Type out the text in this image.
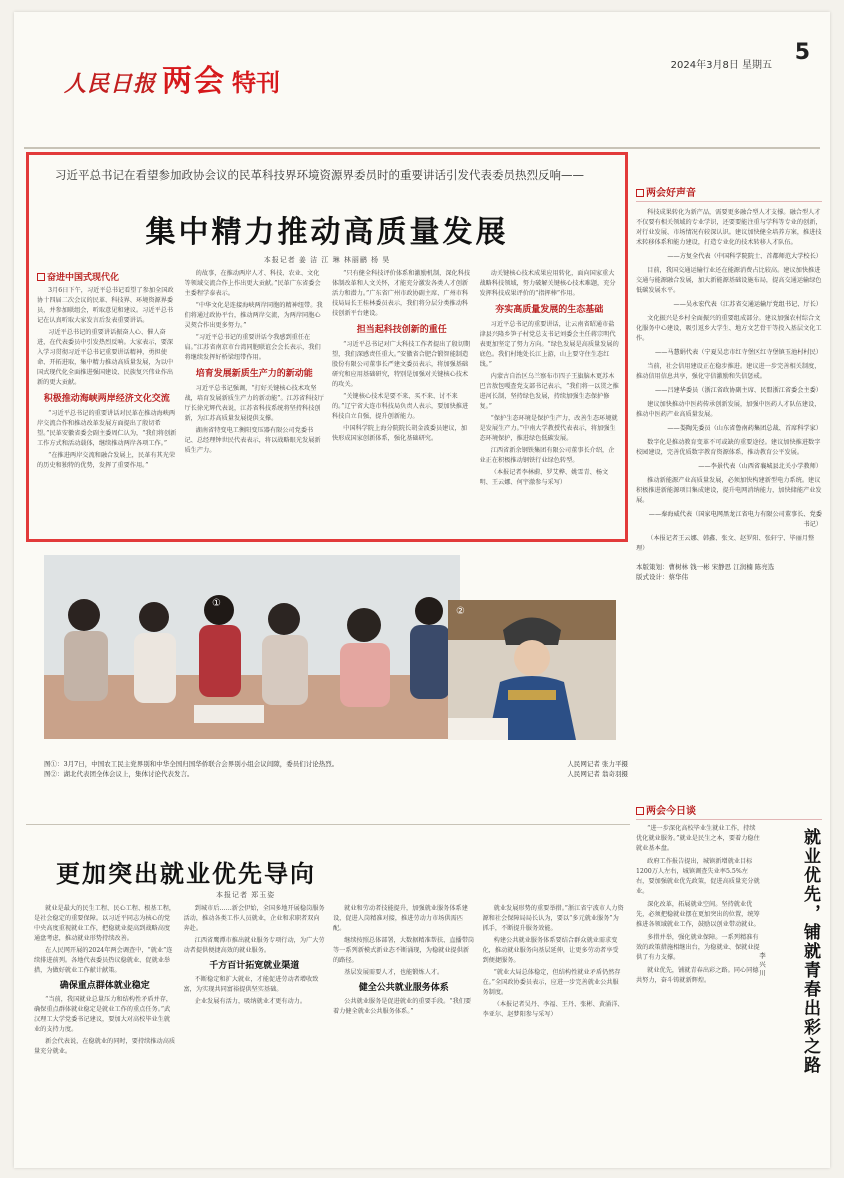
人民日报 两会 特刊
2024年3月8日 星期五
5
习近平总书记在看望参加政协会议的民革科技界环境资源界委员时的重要讲话引发代表委员热烈反响——
集中精力推动高质量发展
本报记者 姜 洁 江 琳 林丽鹂 杨 昊
奋进中国式现代化

3月6日下午，习近平总书记看望了参加全国政协十四届二次会议的民革、科技界、环境资源界委员，并参加联组会，听取意见和建议。习近平总书记在认真听取大家发言后发表重要讲话。

习近平总书记的重要讲话振奋人心、催人奋进，在代表委员中引发热烈反响。大家表示，要深入学习贯彻习近平总书记重要讲话精神，勇担使命、开拓进取，集中精力推动高质量发展，为以中国式现代化全面推进强国建设、民族复兴伟业作出新的更大贡献。

积极推动海峡两岸经济文化交流

“习近平总书记的重要讲话对民革在推动海峡两岸交流合作和推动改革发展方面提出了殷切希望。”民革安徽省委会副主委周仁认为，“我们将创新工作方式和活动载体，继续推动两岸各项工作。”

“在推进两岸交流和融合发展上，民革有其光荣的历史和独特的优势，发挥了重要作用。”

的故事，在推动两岸人才、科技、农业、文化等领域交流合作上作出更大贡献。”民革广东省委会主委程学泰表示。

“中华文化是连接海峡两岸同胞的精神纽带。我们将通过政协平台，推动两岸交流，为两岸同胞心灵契合作出更多努力。”

“习近平总书记的重要讲话令我感到重任在肩。”江苏省南京市台湾同胞联谊会会长表示，我们将继续发挥好桥梁纽带作用。

培育发展新质生产力的新动能

习近平总书记强调，“打好关键核心技术攻坚战，培育发展新质生产力的新动能”。江苏省科技厅厅长徐光辉代表说，江苏省科技系统将坚持科技创新，为江苏高质量发展提供支撑。

湖南省特变电工衡阳变压器有限公司党委书记、总经理钟世民代表表示，将以战略眼光发展新质生产力。

“只有健全科技评价体系和激励机制，深化科技体制改革和人文关怀，才能充分激发各类人才创新活力和潜力。”广东省广州市政协副主席、广州市科技局局长王桂林委员表示，我们将分层分类推动科技创新平台建设。

担当起科技创新的重任

“习近平总书记对广大科技工作者提出了殷切期望，我们深感责任重大。”安徽省合肥合锻智能制造股份有限公司董事长严建文委员表示，将加强基础研究和应用基础研究，特别是加强对关键核心技术的攻关。

“关键核心技术是要不来、买不来、讨不来的。”辽宁省大连市科技局负责人表示，要加快推进科技自立自强，提升创新能力。

中国科学院上海分院院长胡金波委员建议，加快形成国家创新体系，强化基础研究。

动关键核心技术成果应用转化，面向国家重大战略科技领域，努力破解关键核心技术难题，充分发挥科技成果评价的“指挥棒”作用。

夯实高质量发展的生态基础

习近平总书记的重要讲话，让云南省昭通市盐津县兴隆乡笋子村党总支书记刘委会主任蒋宗明代表更加坚定了努力方向。“绿色发展是高质量发展的底色。我们村地处长江上游，山上要守住生态红线。”

内蒙古自治区乌兰察布市四子王旗脑木更苏木巴音敖包嘎查党支部书记表示，“我们将一以贯之推进河长制，坚持绿色发展，持续加强生态保护修复。”

“保护生态环境是保护生产力，改善生态环境就是发展生产力。”中南大学教授代表表示，将加强生态环境保护，推进绿色低碳发展。

江西省新余钢铁集团有限公司董事长介绍，企业正在积极推动钢铁行业绿色转型。

（本报记者李林蔚、罗艾桦、姚雪青、杨文明、王云娜、何宇澈参与采写）

两会好声音

科技成果转化为新产品，需要更多融合型人才支撑。融合型人才不仅要有相关领域的专业学识，还要要能注重与学科等专业的创新，对行业发展、市场情况有较深认识。建议加快健全培养方案，推进技术转移体系和能力建设，打造专业化的技术转移人才队伍。

——方复全代表（中国科学院院士、首都师范大学校长）

目前，我国交通运输行业还在能源消费占比较高。建议加快推进交通与能源融合发展，加大新能源基础设施布局，提高交通运输绿色低碳发展水平。

——吴永宏代表（江苏省交通运输厅党组书记、厅长）

文化振兴是乡村全面振兴的重要组成部分。建议加强农村综合文化服务中心建设，吸引返乡大学生、地方文艺骨干等投入基层文化工作。

——马慧娟代表（宁夏吴忠市红寺堡区红寺堡镇玉池村村民）

当前，社会信用建设正在稳步推进。建议进一步完善相关制度，推动信用信息共享，强化守信激励和失信惩戒。

——吕建华委员（浙江省政协副主席、民盟浙江省委会主委）

建议加快推动中医药传承创新发展，加强中医药人才队伍建设，推动中医药产业高质量发展。

——娄陶先委员（山东省鲁南药集团总裁、首席科学家）

数字化是推动教育变革不可或缺的重要途径。建议加快推进数字校园建设，完善优质数字教育资源体系，推动教育公平发展。

——李景代表（山西省襄城县北关小学教师）

推动新能源产业高质量发展，必须加快构建新型电力系统。建议积极推进新能源项目集成建设，提升电网消纳能力，加快储能产业发展。

——秦海威代表（国家电网黑龙江省电力有限公司董事长、党委书记）

（本报记者王云娜、韩鑫、张文、赵罗阳、张轩宁、毕丽月整理）

本版策划：曹树林 钱一彬 宋静思 江润楠 陈亮选
版式设计：蔡华伟
①
②
图①：3月7日，中国农工民主党界别和中华全国归国华侨联合会界别小组会议间隙，委员们讨论热烈。
图②：湖北代表团全体会议上，集体讨论代表发言。
人民网记者 张力平摄
人民网记者 翁奇羽摄
更加突出就业优先导向
本报记者 郑玉姿

就业是最大的民生工程、民心工程、根基工程，是社会稳定的重要保障。以习近平同志为核心的党中央高度重视就业工作，把稳就业提高到战略高度通盘考虑，推动就业形势持续改善。

在人民网开展的2024年两会调查中，“就业”连续排进前列。各地代表委员热议稳就业、促就业举措，为做好就业工作献计献策。

确保重点群体就业稳定

“当前，我国就业总量压力和结构性矛盾并存，确保重点群体就业稳定是就业工作的重点任务。”武汉理工大学党委书记建议，要加大对高校毕业生就业的支持力度。

新会代表说，在稳就业的同时，要持续推动高质量充分就业。

到城市后……新会伊始，全国多地开展稳岗服务活动，推动各类工作人员就业，企业和求职者双向奔赴。

江西省鹰潭市推出就业服务专项行动，为广大劳动者提供便捷高效的就业服务。

千方百计拓宽就业渠道

不断稳定和扩大就业，才能促进劳动者增收致富，为实现共同富裕提供坚实基础。

企业发展有活力，吸纳就业才更有动力。

就业和劳动者技能提升，加强就业服务体系建设，促进人岗精准对接，推进劳动力市场供需匹配。

继续按照总体部署，大数据精准帮扶、直播带岗等一系列新模式新业态不断涌现，为稳就业提供新的路径。

基层发展需要人才，也能锻炼人才。

健全公共就业服务体系

公共就业服务是促进就业的重要手段。“我们要着力健全就业公共服务体系。”

就业发展形势的重要举措。”浙江省宁波市人力资源和社会保障局局长认为，要以“多元就业服务”为抓手，不断提升服务效能。

构建公共就业服务体系要结合群众就业需求变化，推动就业服务向基层延伸，让更多劳动者享受到便捷服务。

“就业大局总体稳定，但结构性就业矛盾仍然存在。”全国政协委员表示，应进一步完善就业公共服务制度。

（本报记者吴丹、李福、王丹、张彬、黄涌洋、李亚尔、赵梦阳参与采写）

两会今日谈

“进一步深化高校毕业生就业工作，持续优化就业服务。”就业是民生之本，要着力稳住就业基本盘。

政府工作报告提出，城镇新增就业目标1200万人左右，城镇调查失业率5.5%左右，要加强就业优先政策，促进高质量充分就业。

深化改革，拓展就业空间。坚持就业优先，必须把稳就业摆在更加突出的位置，统筹推进各领域就业工作，鼓励以创业带动就业。

多措并举，强化就业保障。一系列精准有效的政策措施相继出台，为稳就业、保就业提供了有力支撑。

就业优先，铺就青春出彩之路。同心同德共努力，奋斗铸就新辉煌。	就业优先，铺就青春出彩之路
李 兴 川
